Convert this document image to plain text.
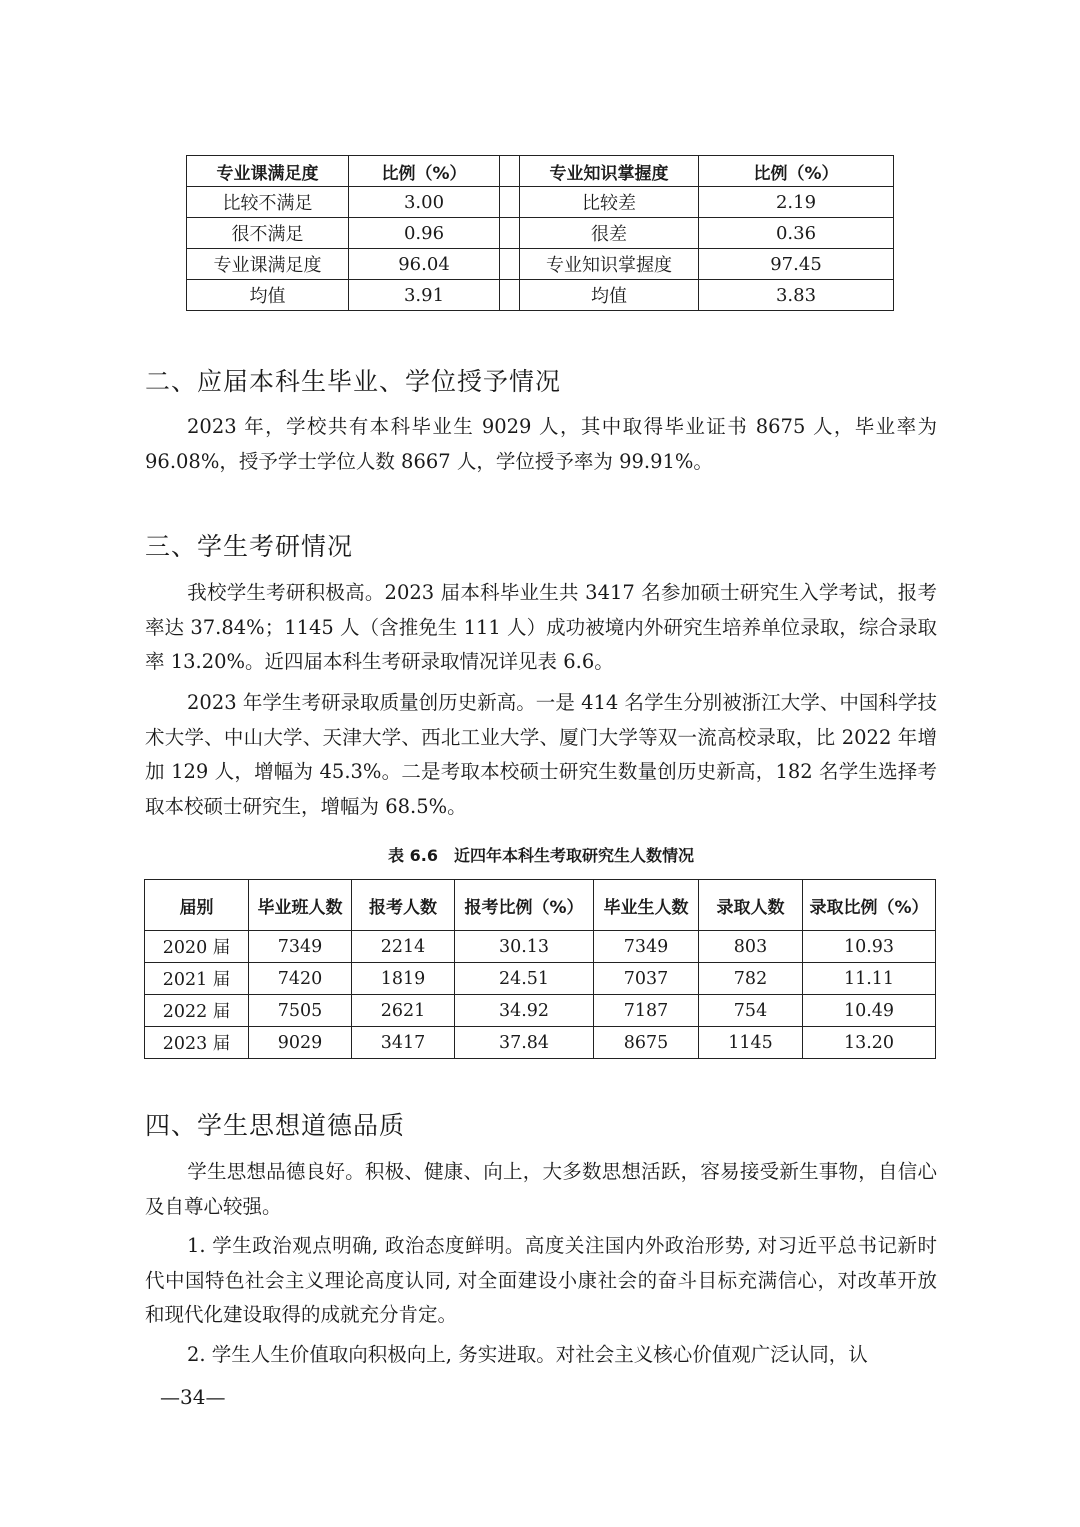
专业课满足度	比例（%）		专业知识掌握度	比例（%）
比较不满足	3.00		比较差	2.19
很不满足	0.96		很差	0.36
专业课满足度	96.04		专业知识掌握度	97.45
均值	3.91		均值	3.83
二、应届本科生毕业、学位授予情况
2023 年，学校共有本科毕业生 9029 人，其中取得毕业证书 8675 人，毕业率为 96.08%，授予学士学位人数 8667 人，学位授予率为 99.91%。
三、学生考研情况
我校学生考研积极高。2023 届本科毕业生共 3417 名参加硕士研究生入学考试，报考率达 37.84%；1145 人（含推免生 111 人）成功被境内外研究生培养单位录取，综合录取率 13.20%。近四届本科生考研录取情况详见表 6.6。
2023 年学生考研录取质量创历史新高。一是 414 名学生分别被浙江大学、中国科学技术大学、中山大学、天津大学、西北工业大学、厦门大学等双一流高校录取，比 2022 年增加 129 人，增幅为 45.3%。二是考取本校硕士研究生数量创历史新高，182 名学生选择考取本校硕士研究生，增幅为 68.5%。
表 6.6　近四年本科生考取研究生人数情况
届别	毕业班人数	报考人数	报考比例（%）	毕业生人数	录取人数	录取比例（%）
2020 届	7349	2214	30.13	7349	803	10.93
2021 届	7420	1819	24.51	7037	782	11.11
2022 届	7505	2621	34.92	7187	754	10.49
2023 届	9029	3417	37.84	8675	1145	13.20
四、学生思想道德品质
学生思想品德良好。积极、健康、向上，大多数思想活跃，容易接受新生事物，自信心及自尊心较强。
1. 学生政治观点明确, 政治态度鲜明。高度关注国内外政治形势, 对习近平总书记新时代中国特色社会主义理论高度认同, 对全面建设小康社会的奋斗目标充满信心，对改革开放和现代化建设取得的成就充分肯定。
2. 学生人生价值取向积极向上, 务实进取。对社会主义核心价值观广泛认同，认
—34—
